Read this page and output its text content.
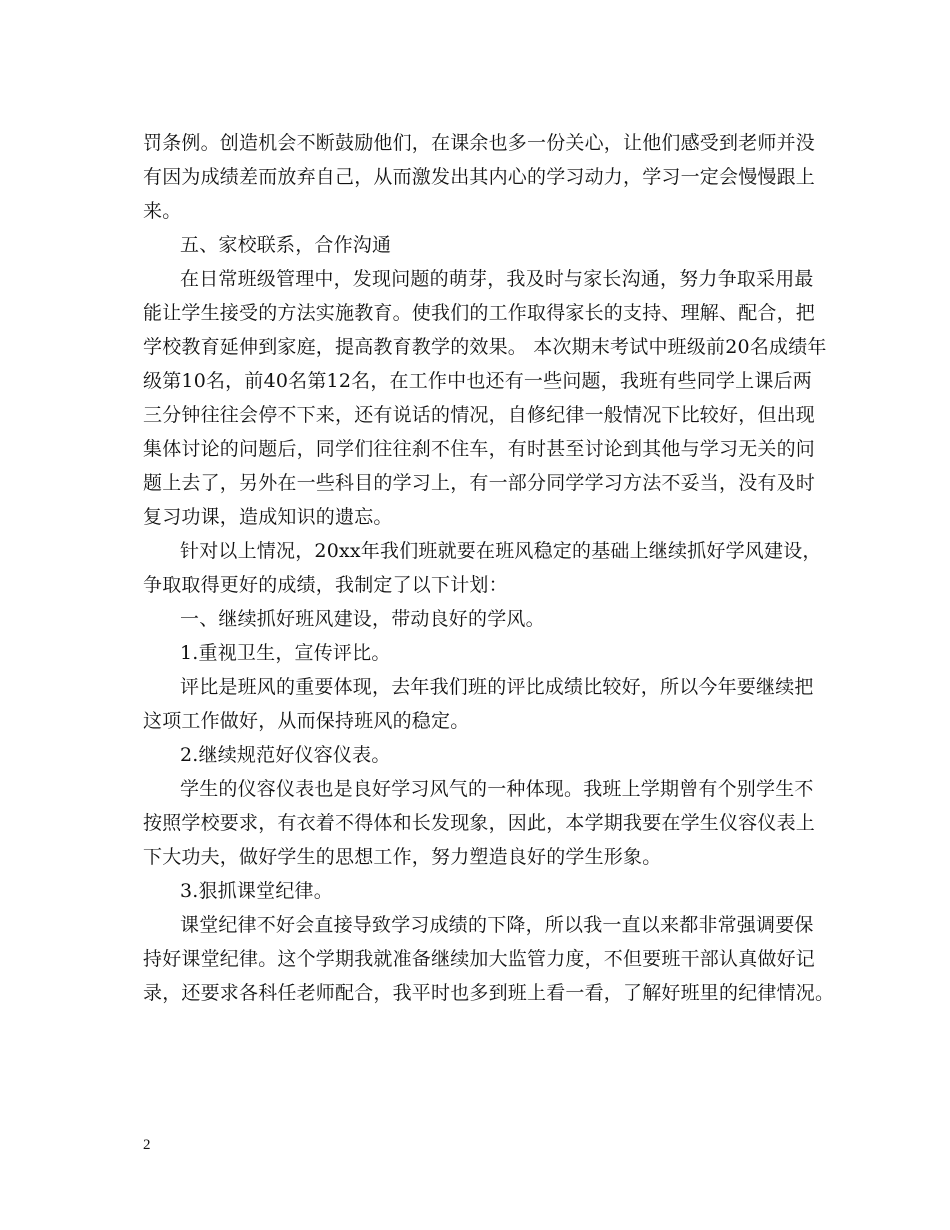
罚条例。创造机会不断鼓励他们，在课余也多一份关心，让他们感受到老师并没
有因为成绩差而放弃自己，从而激发出其内心的学习动力，学习一定会慢慢跟上
来。
五、家校联系，合作沟通
在日常班级管理中，发现问题的萌芽，我及时与家长沟通，努力争取采用最
能让学生接受的方法实施教育。使我们的工作取得家长的支持、理解、配合，把
学校教育延伸到家庭，提高教育教学的效果。 本次期末考试中班级前20名成绩年
级第10名，前40名第12名，在工作中也还有一些问题，我班有些同学上课后两
三分钟往往会停不下来，还有说话的情况，自修纪律一般情况下比较好，但出现
集体讨论的问题后，同学们往往刹不住车，有时甚至讨论到其他与学习无关的问
题上去了，另外在一些科目的学习上，有一部分同学学习方法不妥当，没有及时
复习功课，造成知识的遗忘。
针对以上情况，20xx年我们班就要在班风稳定的基础上继续抓好学风建设，
争取取得更好的成绩，我制定了以下计划：
一、继续抓好班风建设，带动良好的学风。
1.重视卫生，宣传评比。
评比是班风的重要体现，去年我们班的评比成绩比较好，所以今年要继续把
这项工作做好，从而保持班风的稳定。
2.继续规范好仪容仪表。
学生的仪容仪表也是良好学习风气的一种体现。我班上学期曾有个别学生不
按照学校要求，有衣着不得体和长发现象，因此，本学期我要在学生仪容仪表上
下大功夫，做好学生的思想工作，努力塑造良好的学生形象。
3.狠抓课堂纪律。
课堂纪律不好会直接导致学习成绩的下降，所以我一直以来都非常强调要保
持好课堂纪律。这个学期我就准备继续加大监管力度，不但要班干部认真做好记
录，还要求各科任老师配合，我平时也多到班上看一看，了解好班里的纪律情况。
2
